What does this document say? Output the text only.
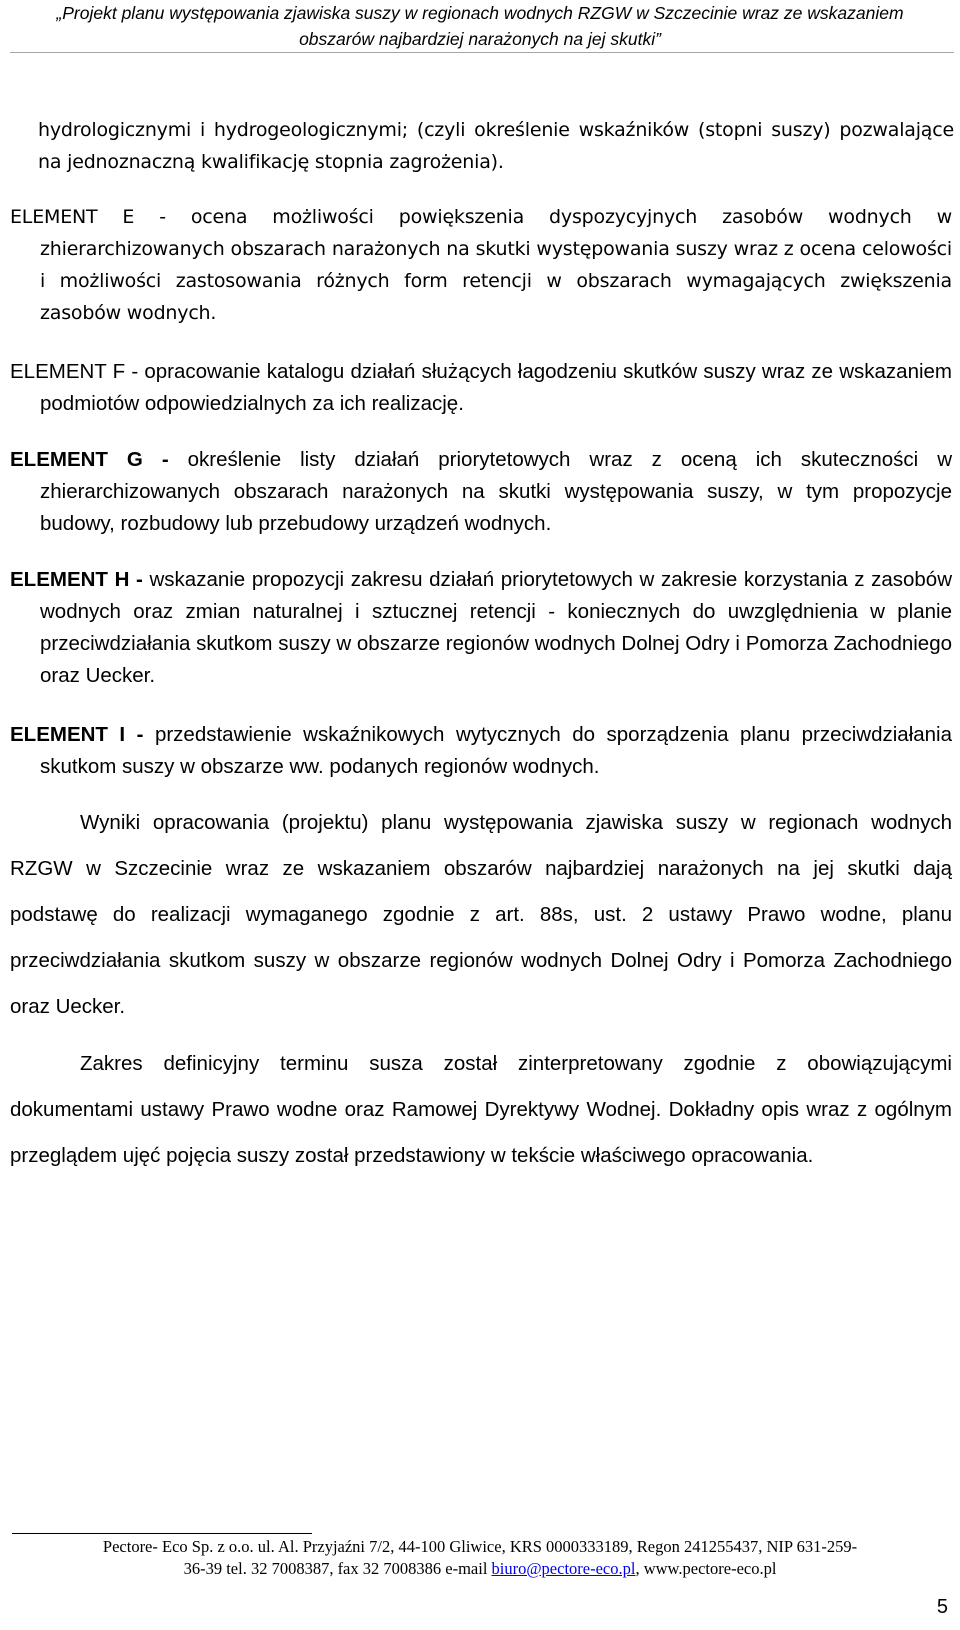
„Projekt planu występowania zjawiska suszy w regionach wodnych RZGW w Szczecinie wraz ze wskazaniem
obszarów najbardziej narażonych na jej skutki”
hydrologicznymi i hydrogeologicznymi; (czyli określenie wskaźników (stopni suszy) pozwalające na jednoznaczną kwalifikację stopnia zagrożenia).
ELEMENT E - ocena możliwości powiększenia dyspozycyjnych zasobów wodnych w zhierarchizowanych obszarach narażonych na skutki występowania suszy wraz z ocena celowości i możliwości zastosowania różnych form retencji w obszarach wymagających zwiększenia zasobów wodnych.
ELEMENT F - opracowanie katalogu działań służących łagodzeniu skutków suszy wraz ze wskazaniem podmiotów odpowiedzialnych za ich realizację.
ELEMENT G - określenie listy działań priorytetowych wraz z oceną ich skuteczności w zhierarchizowanych obszarach narażonych na skutki występowania suszy, w tym propozycje budowy, rozbudowy lub przebudowy urządzeń wodnych.
ELEMENT H - wskazanie propozycji zakresu działań priorytetowych w zakresie korzystania z zasobów wodnych oraz zmian naturalnej i sztucznej retencji - koniecznych do uwzględnienia w planie przeciwdziałania skutkom suszy w obszarze regionów wodnych Dolnej Odry i Pomorza Zachodniego oraz Uecker.
ELEMENT I - przedstawienie wskaźnikowych wytycznych do sporządzenia planu przeciwdziałania skutkom suszy w obszarze ww. podanych regionów wodnych.
Wyniki opracowania (projektu) planu występowania zjawiska suszy w regionach wodnych RZGW w Szczecinie wraz ze wskazaniem obszarów najbardziej narażonych na jej skutki dają podstawę do realizacji wymaganego zgodnie z art. 88s, ust. 2 ustawy Prawo wodne, planu przeciwdziałania skutkom suszy w obszarze regionów wodnych Dolnej Odry i Pomorza Zachodniego oraz Uecker.
Zakres definicyjny terminu susza został zinterpretowany zgodnie z obowiązującymi dokumentami ustawy Prawo wodne oraz Ramowej Dyrektywy Wodnej. Dokładny opis wraz z ogólnym przeglądem ujęć pojęcia suszy został przedstawiony w tekście właściwego opracowania.
Pectore- Eco Sp. z o.o. ul. Al. Przyjaźni 7/2, 44-100 Gliwice, KRS 0000333189, Regon 241255437, NIP 631-259-
36-39 tel. 32 7008387, fax 32 7008386 e-mail biuro@pectore-eco.pl, www.pectore-eco.pl
5
